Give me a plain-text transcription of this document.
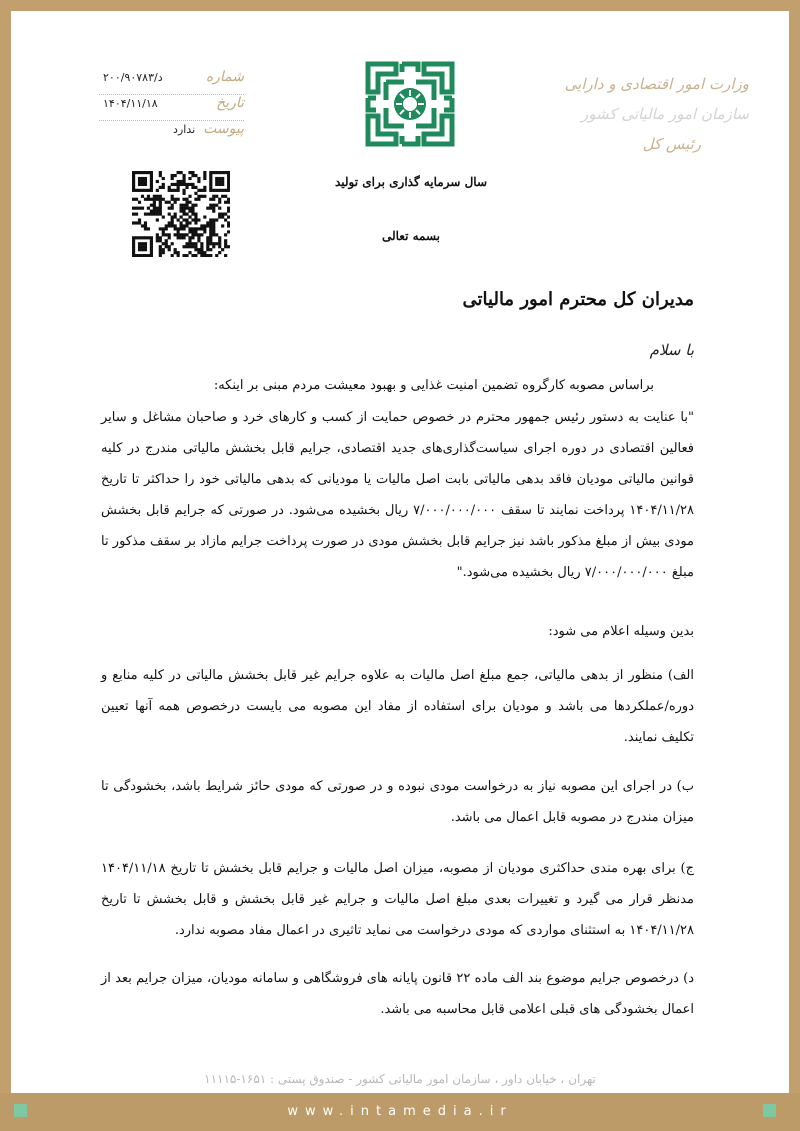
وزارت امور اقتصادی و دارایی
سازمان امور مالیاتی کشور
رئیس کل
شماره
د/۲۰۰/۹۰۷۸۳
تاریخ
۱۴۰۴/۱۱/۱۸
پیوست
ندارد
سال سرمایه گذاری برای تولید
بسمه تعالی
مدیران کل محترم امور مالیاتی
با سلام

براساس مصوبه کارگروه تضمین امنیت غذایی و بهبود معیشت مردم مبنی بر اینکه:

"با عنایت به دستور رئیس جمهور محترم در خصوص حمایت از کسب و کارهای خرد و صاحبان مشاغل و سایر فعالین اقتصادی در دوره اجرای سیاست‌گذاری‌های جدید اقتصادی، جرایم قابل بخشش مالیاتی مندرج در کلیه قوانین مالیاتی مودیان فاقد بدهی مالیاتی بابت اصل مالیات یا مودیانی که بدهی مالیاتی خود را حداکثر تا تاریخ ۱۴۰۴/۱۱/۲۸ پرداخت نمایند تا سقف ۷/۰۰۰/۰۰۰/۰۰۰ ریال بخشیده می‌شود. در صورتی که جرایم قابل بخشش مودی بیش از مبلغ مذکور باشد نیز جرایم قابل بخشش مودی در صورت پرداخت جرایم مازاد بر سقف مذکور تا مبلغ ۷/۰۰۰/۰۰۰/۰۰۰ ریال بخشیده می‌شود."

بدین وسیله اعلام می شود:

الف) منظور از بدهی مالیاتی، جمع مبلغ اصل مالیات به علاوه جرایم غیر قابل بخشش مالیاتی در کلیه منابع و دوره/عملکردها می باشد و مودیان برای استفاده از مفاد این مصوبه می بایست درخصوص همه آنها تعیین تکلیف نمایند.

ب) در اجرای این مصوبه نیاز به درخواست مودی نبوده و در صورتی که مودی حائز شرایط باشد، بخشودگی تا میزان مندرج در مصوبه قابل اعمال می باشد.

ج) برای بهره مندی حداکثری مودیان از مصوبه، میزان اصل مالیات و جرایم قابل بخشش تا تاریخ ۱۴۰۴/۱۱/۱۸ مدنظر قرار می گیرد و تغییرات بعدی مبلغ اصل مالیات و جرایم غیر قابل بخشش و قابل بخشش تا تاریخ ۱۴۰۴/۱۱/۲۸ به استثنای مواردی که مودی درخواست می نماید تاثیری در اعمال مفاد مصوبه ندارد.

د) درخصوص جرایم موضوع بند الف ماده ۲۲ قانون پایانه های فروشگاهی و سامانه مودیان، میزان جرایم بعد از اعمال بخشودگی های قبلی اعلامی قابل محاسبه می باشد.

تهران ، خیابان داور ، سازمان امور مالیاتی کشور - صندوق پستی : ۱۶۵۱-۱۱۱۱۵
www.intamedia.ir
